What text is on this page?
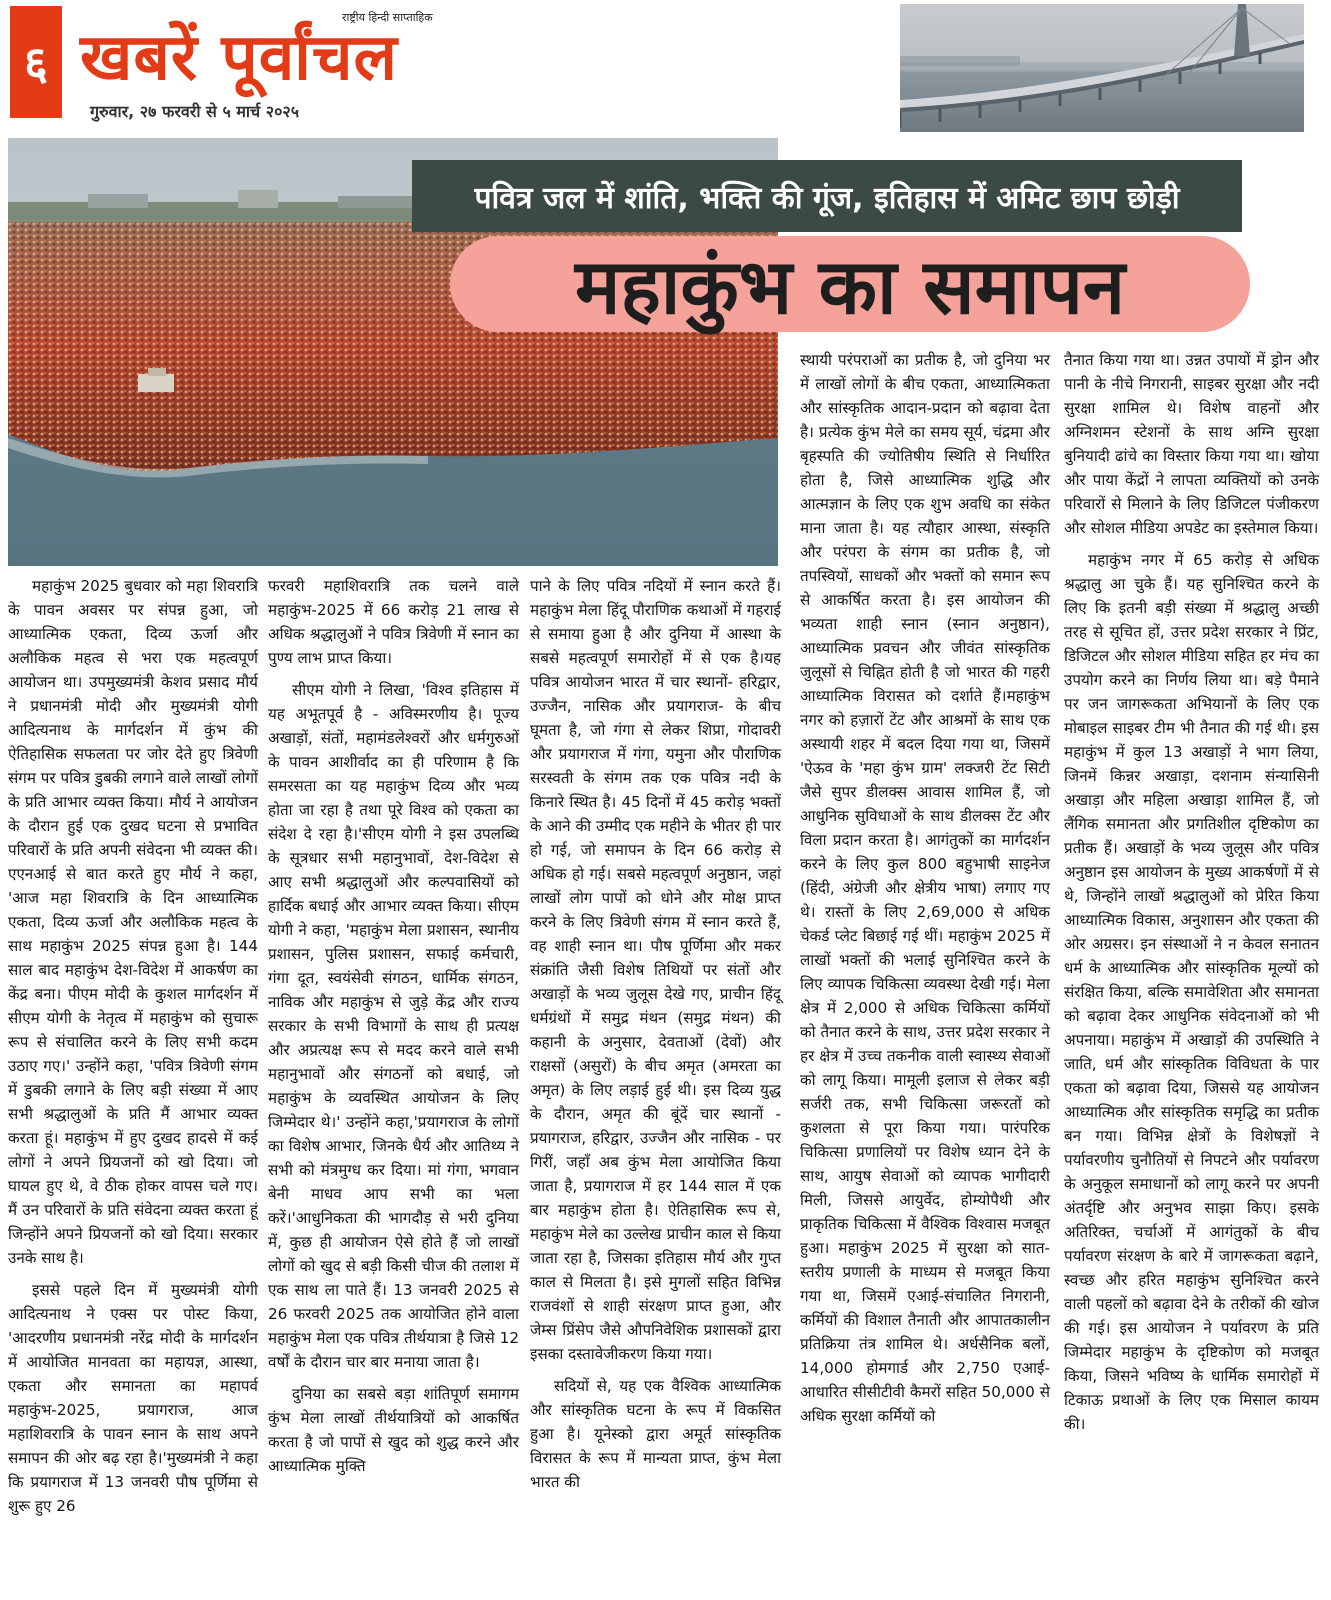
६ खबरें पूर्वांचल
राष्ट्रीय हिन्दी साप्ताहिक
गुरुवार, २७ फरवरी से ५ मार्च २०२५
पवित्र जल में शांति, भक्ति की गूंज, इतिहास में अमिट छाप छोड़ी
महाकुंभ का समापन

महाकुंभ 2025 बुधवार को महा शिवरात्रि के पावन अवसर पर संपन्न हुआ, जो आध्यात्मिक एकता, दिव्य ऊर्जा और अलौकिक महत्व से भरा एक महत्वपूर्ण आयोजन था। उपमुख्यमंत्री केशव प्रसाद मौर्य ने प्रधानमंत्री मोदी और मुख्यमंत्री योगी आदित्यनाथ के मार्गदर्शन में कुंभ की ऐतिहासिक सफलता पर जोर देते हुए त्रिवेणी संगम पर पवित्र डुबकी लगाने वाले लाखों लोगों के प्रति आभार व्यक्त किया। मौर्य ने आयोजन के दौरान हुई एक दुखद घटना से प्रभावित परिवारों के प्रति अपनी संवेदना भी व्यक्त की।एएनआई से बात करते हुए मौर्य ने कहा, 'आज महा शिवरात्रि के दिन आध्यात्मिक एकता, दिव्य ऊर्जा और अलौकिक महत्व के साथ महाकुंभ 2025 संपन्न हुआ है। 144 साल बाद महाकुंभ देश-विदेश में आकर्षण का केंद्र बना। पीएम मोदी के कुशल मार्गदर्शन में सीएम योगी के नेतृत्व में महाकुंभ को सुचारू रूप से संचालित करने के लिए सभी कदम उठाए गए।' उन्होंने कहा, 'पवित्र त्रिवेणी संगम में डुबकी लगाने के लिए बड़ी संख्या में आए सभी श्रद्धालुओं के प्रति मैं आभार व्यक्त करता हूं। महाकुंभ में हुए दुखद हादसे में कई लोगों ने अपने प्रियजनों को खो दिया। जो घायल हुए थे, वे ठीक होकर वापस चले गए। मैं उन परिवारों के प्रति संवेदना व्यक्त करता हूं जिन्होंने अपने प्रियजनों को खो दिया। सरकार उनके साथ है।

इससे पहले दिन में मुख्यमंत्री योगी आदित्यनाथ ने एक्स पर पोस्ट किया, 'आदरणीय प्रधानमंत्री नरेंद्र मोदी के मार्गदर्शन में आयोजित मानवता का महायज्ञ, आस्था, एकता और समानता का महापर्व महाकुंभ-2025, प्रयागराज, आज महाशिवरात्रि के पावन स्नान के साथ अपने समापन की ओर बढ़ रहा है।'मुख्यमंत्री ने कहा कि प्रयागराज में 13 जनवरी पौष पूर्णिमा से शुरू हुए 26

फरवरी महाशिवरात्रि तक चलने वाले महाकुंभ-2025 में 66 करोड़ 21 लाख से अधिक श्रद्धालुओं ने पवित्र त्रिवेणी में स्नान का पुण्य लाभ प्राप्त किया।

सीएम योगी ने लिखा, 'विश्व इतिहास में यह अभूतपूर्व है - अविस्मरणीय है। पूज्य अखाड़ों, संतों, महामंडलेश्वरों और धर्मगुरुओं के पावन आशीर्वाद का ही परिणाम है कि समरसता का यह महाकुंभ दिव्य और भव्य होता जा रहा है तथा पूरे विश्व को एकता का संदेश दे रहा है।'सीएम योगी ने इस उपलब्धि के सूत्रधार सभी महानुभावों, देश-विदेश से आए सभी श्रद्धालुओं और कल्पवासियों को हार्दिक बधाई और आभार व्यक्त किया। सीएम योगी ने कहा, 'महाकुंभ मेला प्रशासन, स्थानीय प्रशासन, पुलिस प्रशासन, सफाई कर्मचारी, गंगा दूत, स्वयंसेवी संगठन, धार्मिक संगठन, नाविक और महाकुंभ से जुड़े केंद्र और राज्य सरकार के सभी विभागों के साथ ही प्रत्यक्ष और अप्रत्यक्ष रूप से मदद करने वाले सभी महानुभावों और संगठनों को बधाई, जो महाकुंभ के व्यवस्थित आयोजन के लिए जिम्मेदार थे।' उन्होंने कहा,'प्रयागराज के लोगों का विशेष आभार, जिनके धैर्य और आतिथ्य ने सभी को मंत्रमुग्ध कर दिया। मां गंगा, भगवान बेनी माधव आप सभी का भला करें।'आधुनिकता की भागदौड़ से भरी दुनिया में, कुछ ही आयोजन ऐसे होते हैं जो लाखों लोगों को खुद से बड़ी किसी चीज की तलाश में एक साथ ला पाते हैं। 13 जनवरी 2025 से 26 फरवरी 2025 तक आयोजित होने वाला महाकुंभ मेला एक पवित्र तीर्थयात्रा है जिसे 12 वर्षों के दौरान चार बार मनाया जाता है।

दुनिया का सबसे बड़ा शांतिपूर्ण समागम कुंभ मेला लाखों तीर्थयात्रियों को आकर्षित करता है जो पापों से खुद को शुद्ध करने और आध्यात्मिक मुक्ति

पाने के लिए पवित्र नदियों में स्नान करते हैं। महाकुंभ मेला हिंदू पौराणिक कथाओं में गहराई से समाया हुआ है और दुनिया में आस्था के सबसे महत्वपूर्ण समारोहों में से एक है।यह पवित्र आयोजन भारत में चार स्थानों- हरिद्वार, उज्जैन, नासिक और प्रयागराज- के बीच घूमता है, जो गंगा से लेकर शिप्रा, गोदावरी और प्रयागराज में गंगा, यमुना और पौराणिक सरस्वती के संगम तक एक पवित्र नदी के किनारे स्थित है। 45 दिनों में 45 करोड़ भक्तों के आने की उम्मीद एक महीने के भीतर ही पार हो गई, जो समापन के दिन 66 करोड़ से अधिक हो गई। सबसे महत्वपूर्ण अनुष्ठान, जहां लाखों लोग पापों को धोने और मोक्ष प्राप्त करने के लिए त्रिवेणी संगम में स्नान करते हैं, वह शाही स्नान था। पौष पूर्णिमा और मकर संक्रांति जैसी विशेष तिथियों पर संतों और अखाड़ों के भव्य जुलूस देखे गए, प्राचीन हिंदू धर्मग्रंथों में समुद्र मंथन (समुद्र मंथन) की कहानी के अनुसार, देवताओं (देवों) और राक्षसों (असुरों) के बीच अमृत (अमरता का अमृत) के लिए लड़ाई हुई थी। इस दिव्य युद्ध के दौरान, अमृत की बूंदें चार स्थानों - प्रयागराज, हरिद्वार, उज्जैन और नासिक - पर गिरीं, जहाँ अब कुंभ मेला आयोजित किया जाता है, प्रयागराज में हर 144 साल में एक बार महाकुंभ होता है। ऐतिहासिक रूप से, महाकुंभ मेले का उल्लेख प्राचीन काल से किया जाता रहा है, जिसका इतिहास मौर्य और गुप्त काल से मिलता है। इसे मुगलों सहित विभिन्न राजवंशों से शाही संरक्षण प्राप्त हुआ, और जेम्स प्रिंसेप जैसे औपनिवेशिक प्रशासकों द्वारा इसका दस्तावेजीकरण किया गया।

सदियों से, यह एक वैश्विक आध्यात्मिक और सांस्कृतिक घटना के रूप में विकसित हुआ है। यूनेस्को द्वारा अमूर्त सांस्कृतिक विरासत के रूप में मान्यता प्राप्त, कुंभ मेला भारत की

स्थायी परंपराओं का प्रतीक है, जो दुनिया भर में लाखों लोगों के बीच एकता, आध्यात्मिकता और सांस्कृतिक आदान-प्रदान को बढ़ावा देता है। प्रत्येक कुंभ मेले का समय सूर्य, चंद्रमा और बृहस्पति की ज्योतिषीय स्थिति से निर्धारित होता है, जिसे आध्यात्मिक शुद्धि और आत्मज्ञान के लिए एक शुभ अवधि का संकेत माना जाता है। यह त्यौहार आस्था, संस्कृति और परंपरा के संगम का प्रतीक है, जो तपस्वियों, साधकों और भक्तों को समान रूप से आकर्षित करता है। इस आयोजन की भव्यता शाही स्नान (स्नान अनुष्ठान), आध्यात्मिक प्रवचन और जीवंत सांस्कृतिक जुलूसों से चिह्नित होती है जो भारत की गहरी आध्यात्मिक विरासत को दर्शाते हैं।महाकुंभ नगर को हज़ारों टेंट और आश्रमों के साथ एक अस्थायी शहर में बदल दिया गया था, जिसमें 'ऐऊव के 'महा कुंभ ग्राम' लक्जरी टेंट सिटी जैसे सुपर डीलक्स आवास शामिल हैं, जो आधुनिक सुविधाओं के साथ डीलक्स टेंट और विला प्रदान करता है। आगंतुकों का मार्गदर्शन करने के लिए कुल 800 बहुभाषी साइनेज (हिंदी, अंग्रेजी और क्षेत्रीय भाषा) लगाए गए थे। रास्तों के लिए 2,69,000 से अधिक चेकर्ड प्लेट बिछाई गई थीं। महाकुंभ 2025 में लाखों भक्तों की भलाई सुनिश्चित करने के लिए व्यापक चिकित्सा व्यवस्था देखी गई। मेला क्षेत्र में 2,000 से अधिक चिकित्सा कर्मियों को तैनात करने के साथ, उत्तर प्रदेश सरकार ने हर क्षेत्र में उच्च तकनीक वाली स्वास्थ्य सेवाओं को लागू किया। मामूली इलाज से लेकर बड़ी सर्जरी तक, सभी चिकित्सा जरूरतों को कुशलता से पूरा किया गया। पारंपरिक चिकित्सा प्रणालियों पर विशेष ध्यान देने के साथ, आयुष सेवाओं को व्यापक भागीदारी मिली, जिससे आयुर्वेद, होम्योपैथी और प्राकृतिक चिकित्सा में वैश्विक विश्वास मजबूत हुआ। महाकुंभ 2025 में सुरक्षा को सात-स्तरीय प्रणाली के माध्यम से मजबूत किया गया था, जिसमें एआई-संचालित निगरानी, कर्मियों की विशाल तैनाती और आपातकालीन प्रतिक्रिया तंत्र शामिल थे। अर्धसैनिक बलों, 14,000 होमगार्ड और 2,750 एआई-आधारित सीसीटीवी कैमरों सहित 50,000 से अधिक सुरक्षा कर्मियों को

तैनात किया गया था। उन्नत उपायों में ड्रोन और पानी के नीचे निगरानी, साइबर सुरक्षा और नदी सुरक्षा शामिल थे। विशेष वाहनों और अग्निशमन स्टेशनों के साथ अग्नि सुरक्षा बुनियादी ढांचे का विस्तार किया गया था। खोया और पाया केंद्रों ने लापता व्यक्तियों को उनके परिवारों से मिलाने के लिए डिजिटल पंजीकरण और सोशल मीडिया अपडेट का इस्तेमाल किया।

महाकुंभ नगर में 65 करोड़ से अधिक श्रद्धालु आ चुके हैं। यह सुनिश्चित करने के लिए कि इतनी बड़ी संख्या में श्रद्धालु अच्छी तरह से सूचित हों, उत्तर प्रदेश सरकार ने प्रिंट, डिजिटल और सोशल मीडिया सहित हर मंच का उपयोग करने का निर्णय लिया था। बड़े पैमाने पर जन जागरूकता अभियानों के लिए एक मोबाइल साइबर टीम भी तैनात की गई थी। इस महाकुंभ में कुल 13 अखाड़ों ने भाग लिया, जिनमें किन्नर अखाड़ा, दशनाम संन्यासिनी अखाड़ा और महिला अखाड़ा शामिल हैं, जो लैंगिक समानता और प्रगतिशील दृष्टिकोण का प्रतीक हैं। अखाड़ों के भव्य जुलूस और पवित्र अनुष्ठान इस आयोजन के मुख्य आकर्षणों में से थे, जिन्होंने लाखों श्रद्धालुओं को प्रेरित किया आध्यात्मिक विकास, अनुशासन और एकता की ओर अग्रसर। इन संस्थाओं ने न केवल सनातन धर्म के आध्यात्मिक और सांस्कृतिक मूल्यों को संरक्षित किया, बल्कि समावेशिता और समानता को बढ़ावा देकर आधुनिक संवेदनाओं को भी अपनाया। महाकुंभ में अखाड़ों की उपस्थिति ने जाति, धर्म और सांस्कृतिक विविधता के पार एकता को बढ़ावा दिया, जिससे यह आयोजन आध्यात्मिक और सांस्कृतिक समृद्धि का प्रतीक बन गया। विभिन्न क्षेत्रों के विशेषज्ञों ने पर्यावरणीय चुनौतियों से निपटने और पर्यावरण के अनुकूल समाधानों को लागू करने पर अपनी अंतर्दृष्टि और अनुभव साझा किए। इसके अतिरिक्त, चर्चाओं में आगंतुकों के बीच पर्यावरण संरक्षण के बारे में जागरूकता बढ़ाने, स्वच्छ और हरित महाकुंभ सुनिश्चित करने वाली पहलों को बढ़ावा देने के तरीकों की खोज की गई। इस आयोजन ने पर्यावरण के प्रति जिम्मेदार महाकुंभ के दृष्टिकोण को मजबूत किया, जिसने भविष्य के धार्मिक समारोहों में टिकाऊ प्रथाओं के लिए एक मिसाल कायम की।
